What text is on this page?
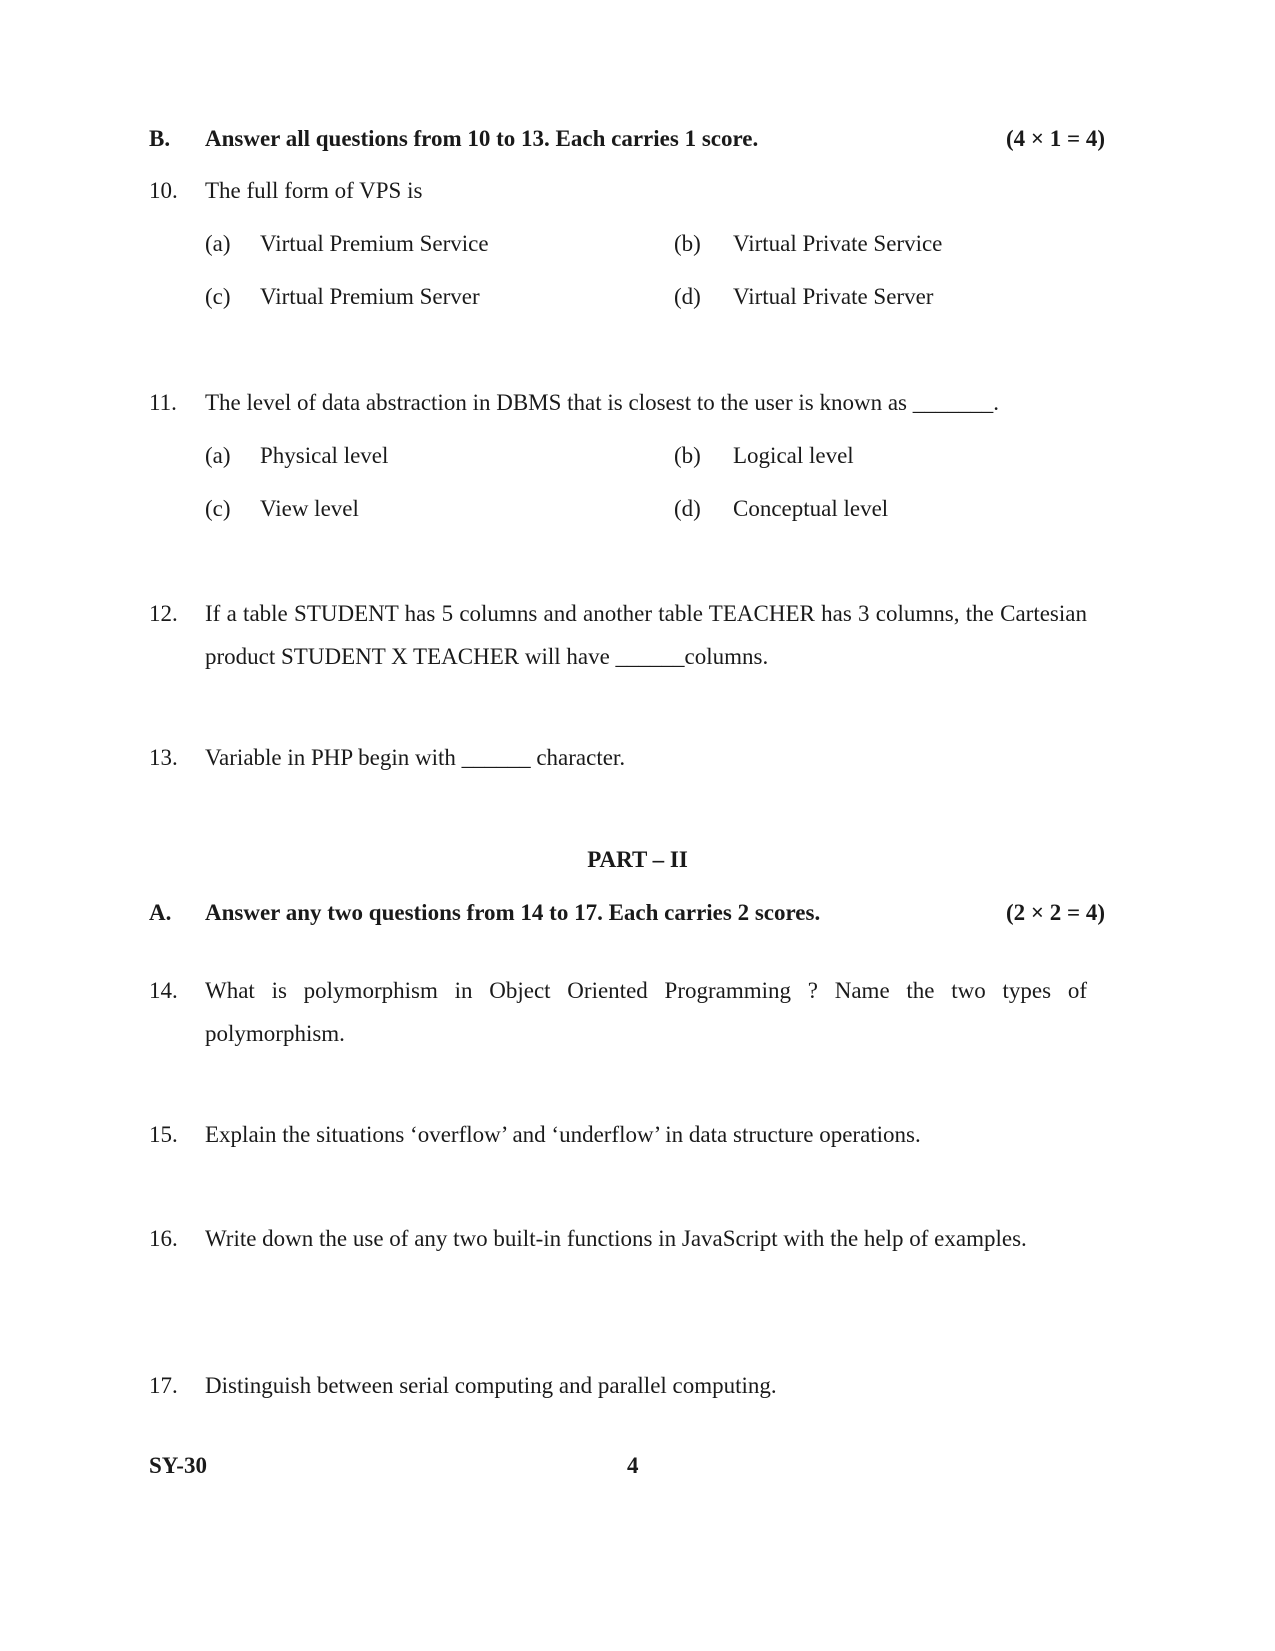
B. Answer all questions from 10 to 13. Each carries 1 score.	(4 × 1 = 4)
10. The full form of VPS is
(a) Virtual Premium Service	(b) Virtual Private Service
(c) Virtual Premium Server	(d) Virtual Private Server
11. The level of data abstraction in DBMS that is closest to the user is known as _______.
(a) Physical level	(b) Logical level
(c) View level	(d) Conceptual level
12. If a table STUDENT has 5 columns and another table TEACHER has 3 columns, the Cartesian product STUDENT X TEACHER will have ______columns.
13. Variable in PHP begin with ______ character.
PART – II
A. Answer any two questions from 14 to 17. Each carries 2 scores.	(2 × 2 = 4)
14. What is polymorphism in Object Oriented Programming ? Name the two types of polymorphism.
15. Explain the situations ‘overflow’ and ‘underflow’ in data structure operations.
16. Write down the use of any two built-in functions in JavaScript with the help of examples.
17. Distinguish between serial computing and parallel computing.
SY-30	4
